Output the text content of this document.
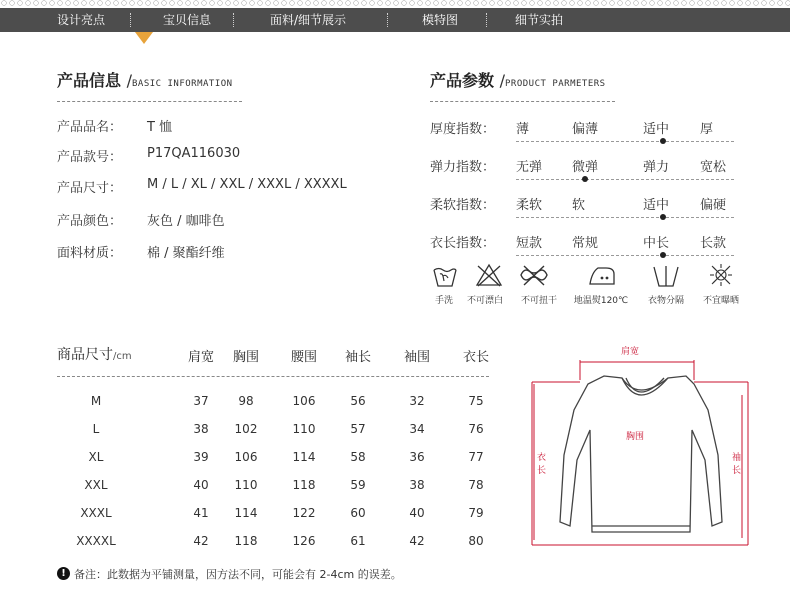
设计亮点	宝贝信息	面料/细节展示	模特图	细节实拍
产品信息 /BASIC INFORMATION
产品品名： T 恤
产品款号： P17QA116030
产品尺寸： M / L / XL / XXL / XXXL / XXXXL
产品颜色： 灰色 / 咖啡色
面料材质： 棉 / 聚酯纤维
产品参数 /PRODUCT PARMETERS
厚度指数： 薄	偏薄	适中 厚
弹力指数： 无弹 微弹	弹力 宽松
柔软指数： 柔软 软	适中 偏硬
衣长指数： 短款 常规	中长 长款
手洗	不可漂白	不可扭干	地温熨120℃	衣物分隔	不宜曝晒
商品尺寸/cm	肩宽	胸围	腰围	袖长	袖围	衣长
M	37	98	106	56	32	75
L	38	102	110	57	34	76
XL	39	106	114	58	36	77
XXL	40	110	118	59	38	78
XXXL	41	114	122	60	40	79
XXXXL	42	118	126	61	42	80
肩宽
胸围
衣
长
袖
长
! 备注：此数据为平铺测量，因方法不同，可能会有 2-4cm 的误差。
